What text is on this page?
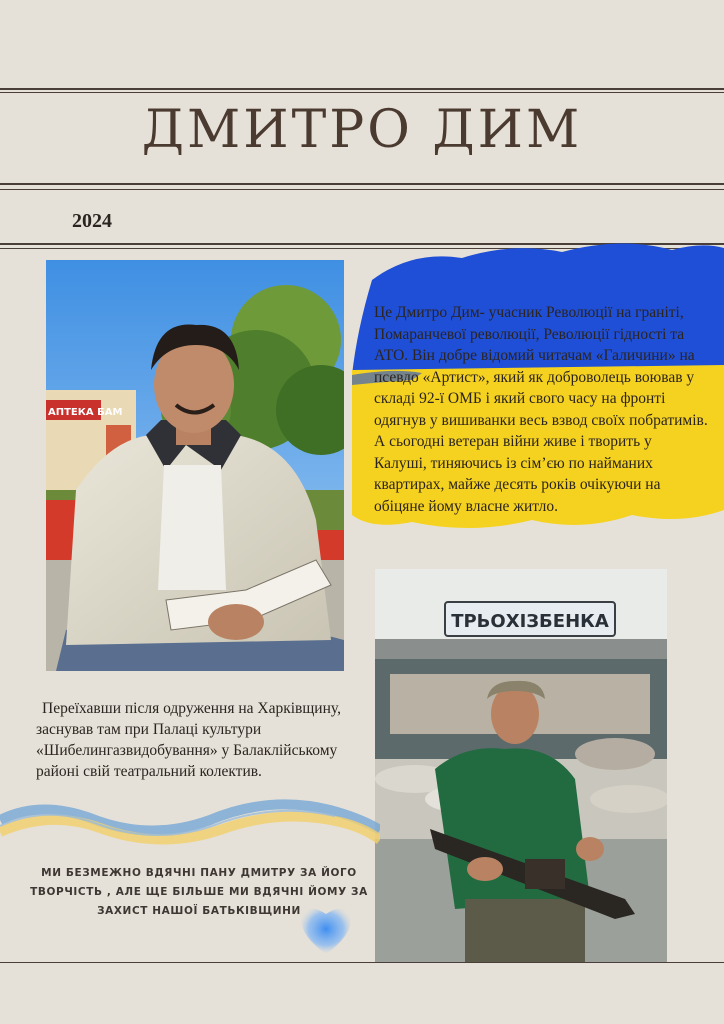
ДМИТРО ДИМ
2024
АПТЕКА БАМ
Це Дмитро Дим- учасник Революції на граніті, Помаранчевої революції, Революції гідності та АТО. Він добре відомий читачам «Галичини» на псевдо «Артист», який як доброволець воював у складі 92-ї ОМБ і який свого часу на фронті одягнув у вишиванки весь взвод своїх побратимів. А сьогодні ветеран війни живе і творить у Калуші, тиняючись із сім’єю по найманих квартирах, майже десять років очікуючи на обіцяне йому власне житло.
ТРЬОХІЗБЕНКА
Переїхавши після одруження на Харківщину, заснував там при Палаці культури «Шибелингазвидобування» у Балаклійському районі свій театральний колектив.
МИ БЕЗМЕЖНО ВДЯЧНІ ПАНУ ДМИТРУ ЗА ЙОГО ТВОРЧІСТЬ , АЛЕ ЩЕ БІЛЬШЕ МИ ВДЯЧНІ ЙОМУ ЗА ЗАХИСТ НАШОЇ БАТЬКІВЩИНИ
